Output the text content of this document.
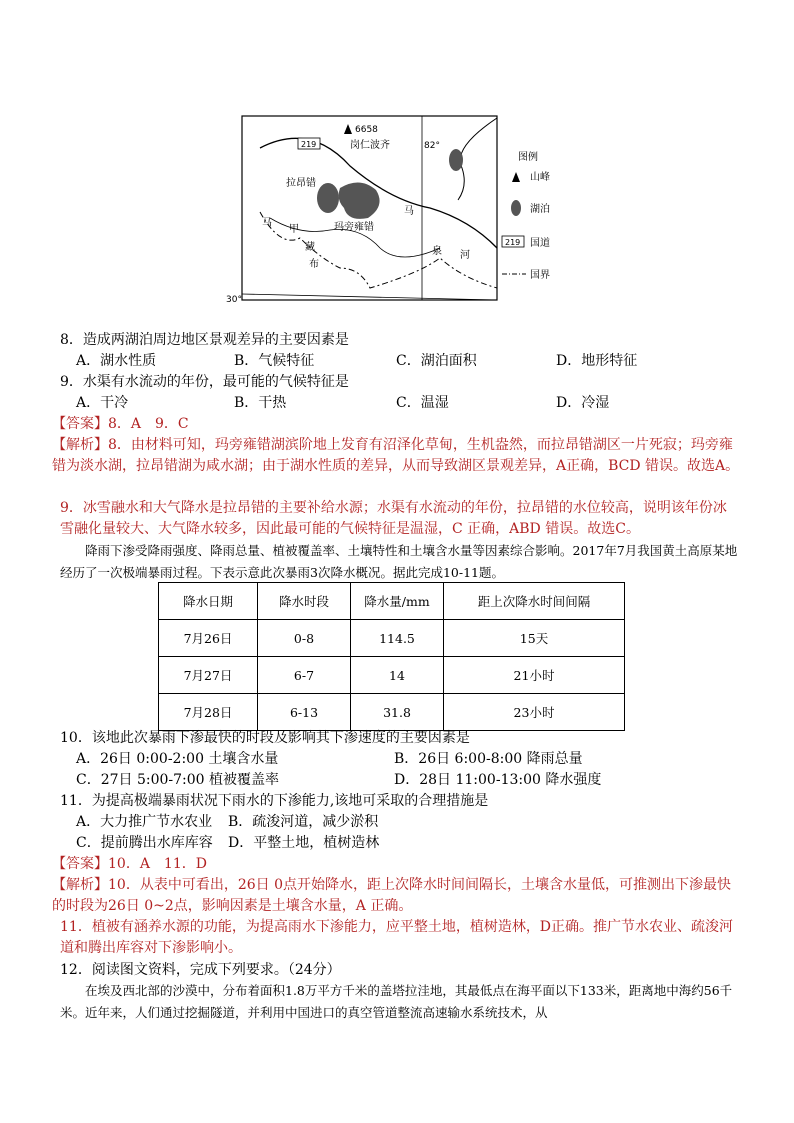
6658
岗仁波齐
拉昂错
玛旁雍错
219	82°
30°
马
甲
藏
布
马
泉 河
图例
山峰
湖泊
219 国道
国界
8．造成两湖泊周边地区景观差异的主要因素是
A．湖水性质	B．气候特征	C．湖泊面积	D．地形特征
9．水渠有水流动的年份，最可能的气候特征是
A．干冷	B．干热	C．温湿	D．冷湿
【答案】8．A　9．C
【解析】8．由材料可知，玛旁雍错湖滨阶地上发育有沼泽化草甸，生机盎然，而拉昂错湖区一片死寂；玛旁雍错为淡水湖，拉昂错湖为咸水湖；由于湖水性质的差异，从而导致湖区景观差异，A正确，BCD 错误。故选A。
9．冰雪融水和大气降水是拉昂错的主要补给水源；水渠有水流动的年份，拉昂错的水位较高，说明该年份冰雪融化量较大、大气降水较多，因此最可能的气候特征是温湿，C 正确，ABD 错误。故选C。
降雨下渗受降雨强度、降雨总量、植被覆盖率、土壤特性和土壤含水量等因素综合影响。2017年7月我国黄土高原某地经历了一次极端暴雨过程。下表示意此次暴雨3次降水概况。据此完成10-11题。
降水日期	降水时段	降水量/mm	距上次降水时间间隔
7月26日	0-8	114.5	15天
7月27日	6-7	14	21小时
7月28日	6-13	31.8	23小时
10．该地此次暴雨下渗最快的时段及影响其下渗速度的主要因素是
A．26日 0:00-2:00 土壤含水量	B．26日 6:00-8:00 降雨总量
C．27日 5:00-7:00 植被覆盖率	D．28日 11:00-13:00 降水强度
11．为提高极端暴雨状况下雨水的下渗能力,该地可采取的合理措施是
A．大力推广节水农业	B．疏浚河道，减少淤积
C．提前腾出水库库容	D．平整土地，植树造林
【答案】10．A　11．D
【解析】10．从表中可看出，26日 0点开始降水，距上次降水时间间隔长，土壤含水量低，可推测出下渗最快的时段为26日 0~2点，影响因素是土壤含水量，A 正确。
11．植被有涵养水源的功能，为提高雨水下渗能力，应平整土地，植树造林，D正确。推广节水农业、疏浚河道和腾出库容对下渗影响小。
12．阅读图文资料，完成下列要求。（24分）
在埃及西北部的沙漠中，分布着面积1.8万平方千米的盖塔拉洼地，其最低点在海平面以下133米，距离地中海约56千米。近年来，人们通过挖掘隧道，并利用中国进口的真空管道整流高速输水系统技术，从
